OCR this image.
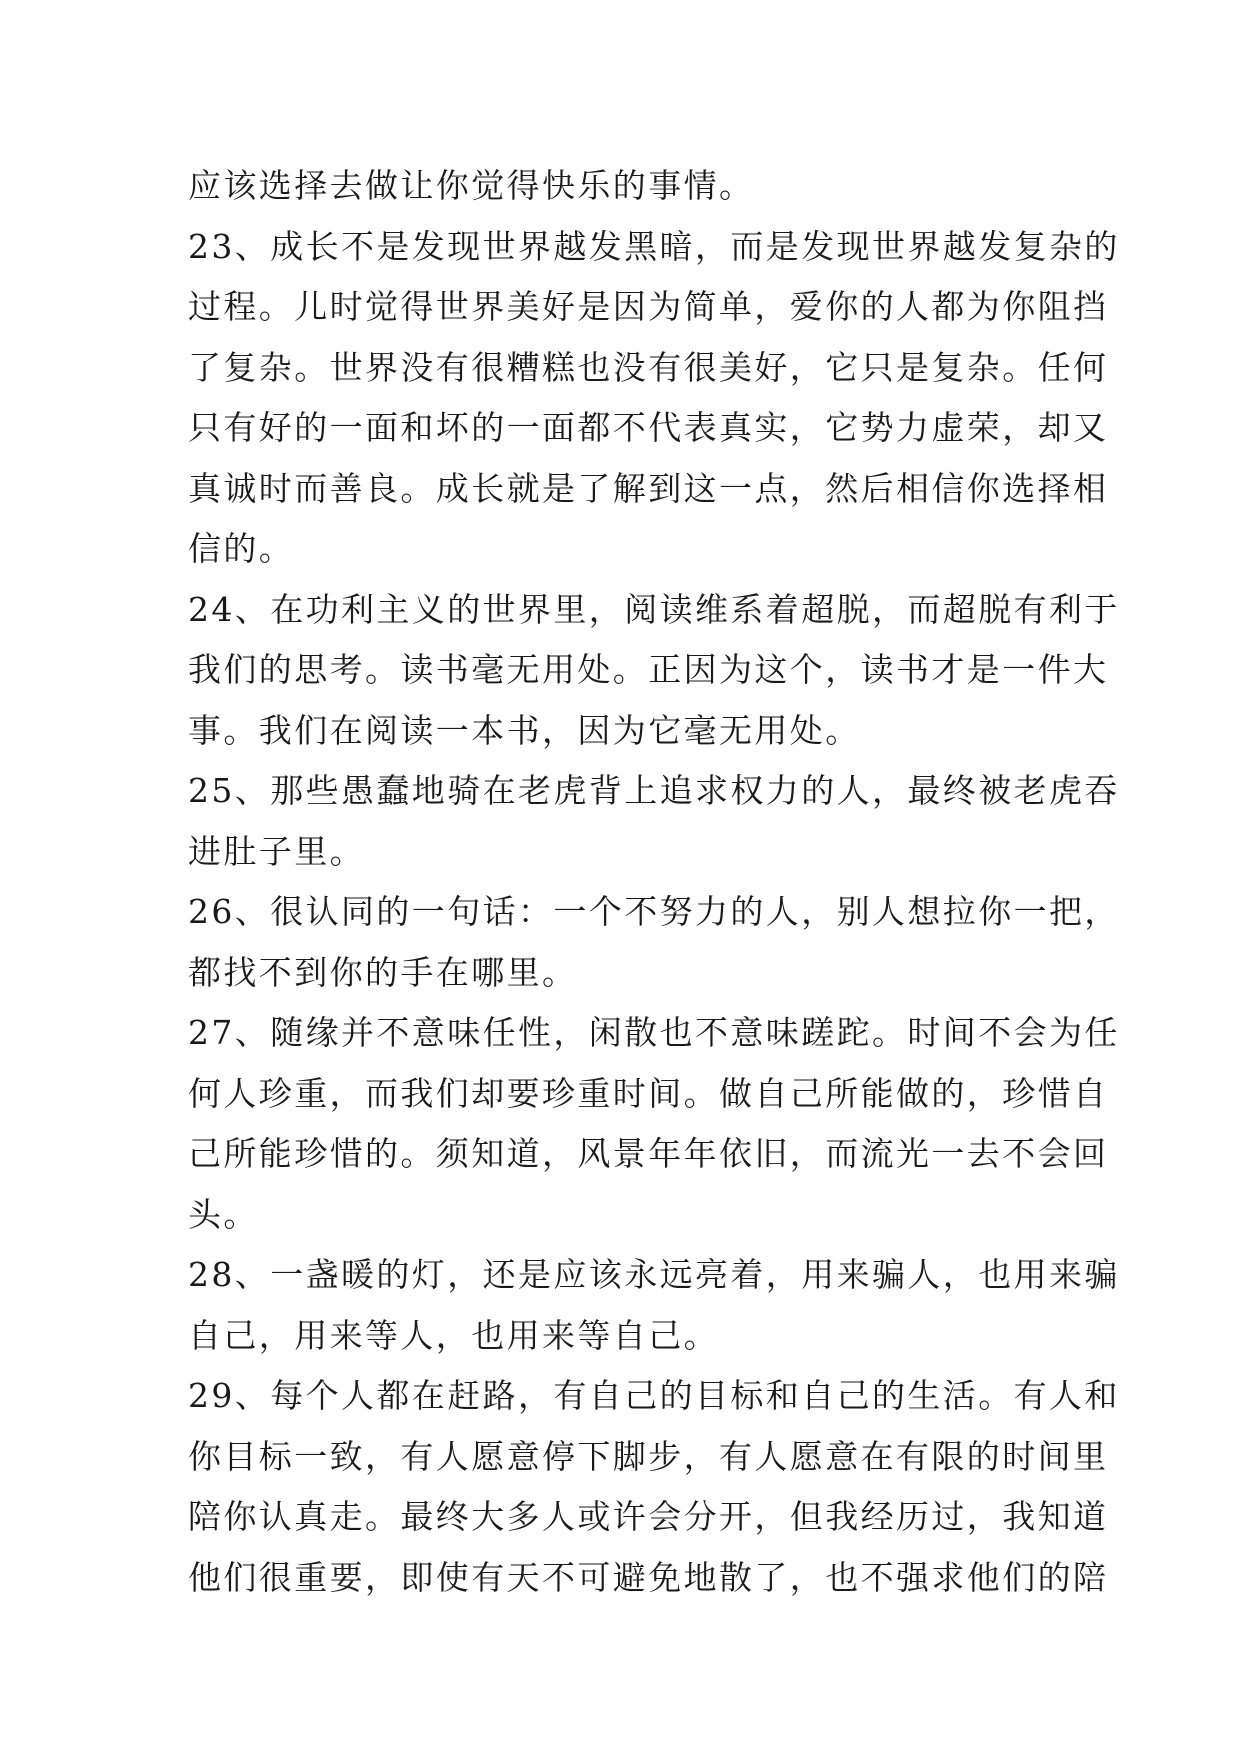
应该选择去做让你觉得快乐的事情。
23、成长不是发现世界越发黑暗，而是发现世界越发复杂的
过程。儿时觉得世界美好是因为简单，爱你的人都为你阻挡
了复杂。世界没有很糟糕也没有很美好，它只是复杂。任何
只有好的一面和坏的一面都不代表真实，它势力虚荣，却又
真诚时而善良。成长就是了解到这一点，然后相信你选择相
信的。
24、在功利主义的世界里，阅读维系着超脱，而超脱有利于
我们的思考。读书毫无用处。正因为这个，读书才是一件大
事。我们在阅读一本书，因为它毫无用处。
25、那些愚蠢地骑在老虎背上追求权力的人，最终被老虎吞
进肚子里。
26、很认同的一句话：一个不努力的人，别人想拉你一把，
都找不到你的手在哪里。
27、随缘并不意味任性，闲散也不意味蹉跎。时间不会为任
何人珍重，而我们却要珍重时间。做自己所能做的，珍惜自
己所能珍惜的。须知道，风景年年依旧，而流光一去不会回
头。
28、一盏暖的灯，还是应该永远亮着，用来骗人，也用来骗
自己，用来等人，也用来等自己。
29、每个人都在赶路，有自己的目标和自己的生活。有人和
你目标一致，有人愿意停下脚步，有人愿意在有限的时间里
陪你认真走。最终大多人或许会分开，但我经历过，我知道
他们很重要，即使有天不可避免地散了，也不强求他们的陪
